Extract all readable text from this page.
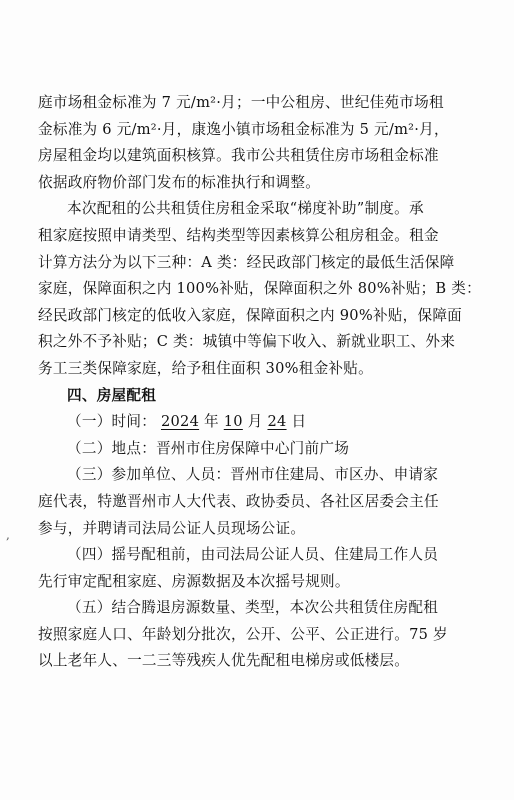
庭市场租金标准为 7 元/m²·月；一中公租房、世纪佳苑市场租
金标准为 6 元/m²·月，康逸小镇市场租金标准为 5 元/m²·月，
房屋租金均以建筑面积核算。我市公共租赁住房市场租金标准
依据政府物价部门发布的标准执行和调整。
本次配租的公共租赁住房租金采取“梯度补助”制度。承
租家庭按照申请类型、结构类型等因素核算公租房租金。租金
计算方法分为以下三种：A 类：经民政部门核定的最低生活保障
家庭，保障面积之内 100%补贴，保障面积之外 80%补贴；B 类：
经民政部门核定的低收入家庭，保障面积之内 90%补贴，保障面
积之外不予补贴；C 类：城镇中等偏下收入、新就业职工、外来
务工三类保障家庭，给予租住面积 30%租金补贴。
四、房屋配租
（一）时间： 2024 年 10 月 24 日
（二）地点：晋州市住房保障中心门前广场
（三）参加单位、人员：晋州市住建局、市区办、申请家
庭代表，特邀晋州市人大代表、政协委员、各社区居委会主任
参与，并聘请司法局公证人员现场公证。
（四）摇号配租前，由司法局公证人员、住建局工作人员
先行审定配租家庭、房源数据及本次摇号规则。
（五）结合腾退房源数量、类型，本次公共租赁住房配租
按照家庭人口、年龄划分批次，公开、公平、公正进行。75 岁
以上老年人、一二三等残疾人优先配租电梯房或低楼层。
,
